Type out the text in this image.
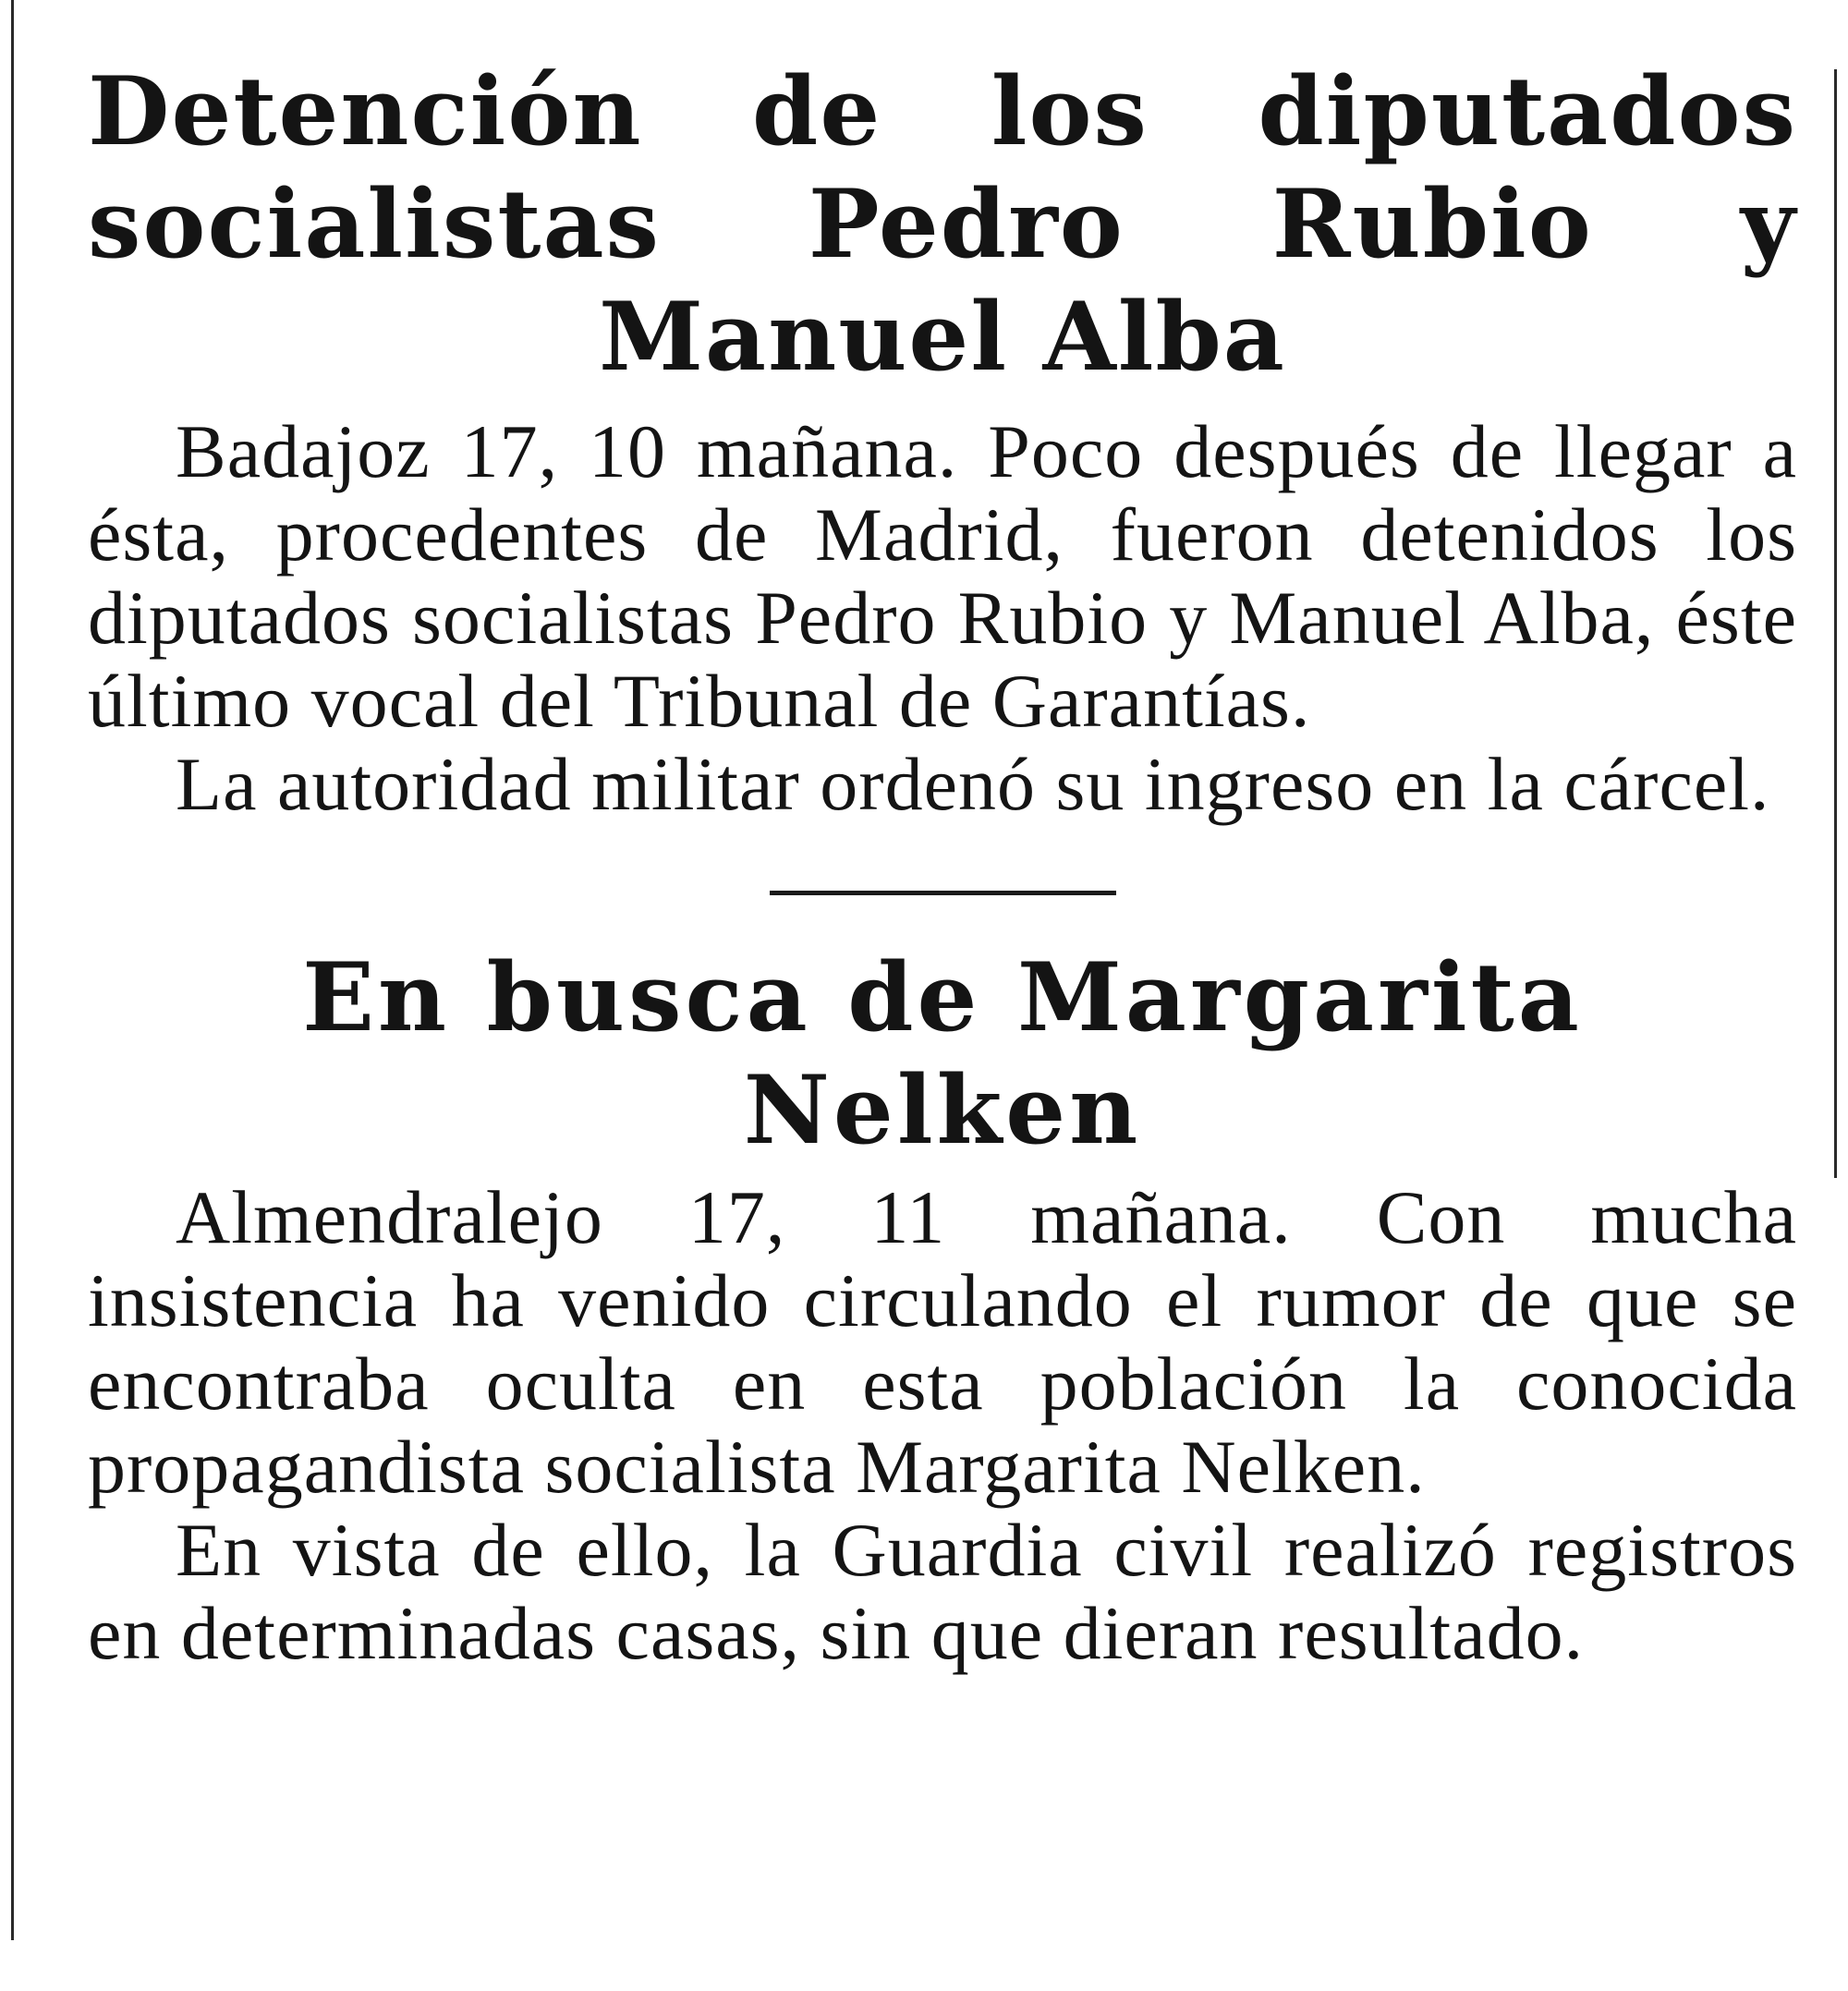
Detención de los diputados socialistas Pedro Rubio y Manuel Alba

Badajoz 17, 10 mañana. Poco después de llegar a ésta, procedentes de Madrid, fueron detenidos los diputados socialistas Pedro Rubio y Manuel Alba, éste último vocal del Tribunal de Garantías.

La autoridad militar ordenó su ingreso en la cárcel.

En busca de Margarita Nelken

Almendralejo 17, 11 mañana. Con mucha insistencia ha venido circulando el rumor de que se encontraba oculta en esta población la conocida propagandista socialista Margarita Nelken.

En vista de ello, la Guardia civil realizó registros en determinadas casas, sin que dieran resultado.
